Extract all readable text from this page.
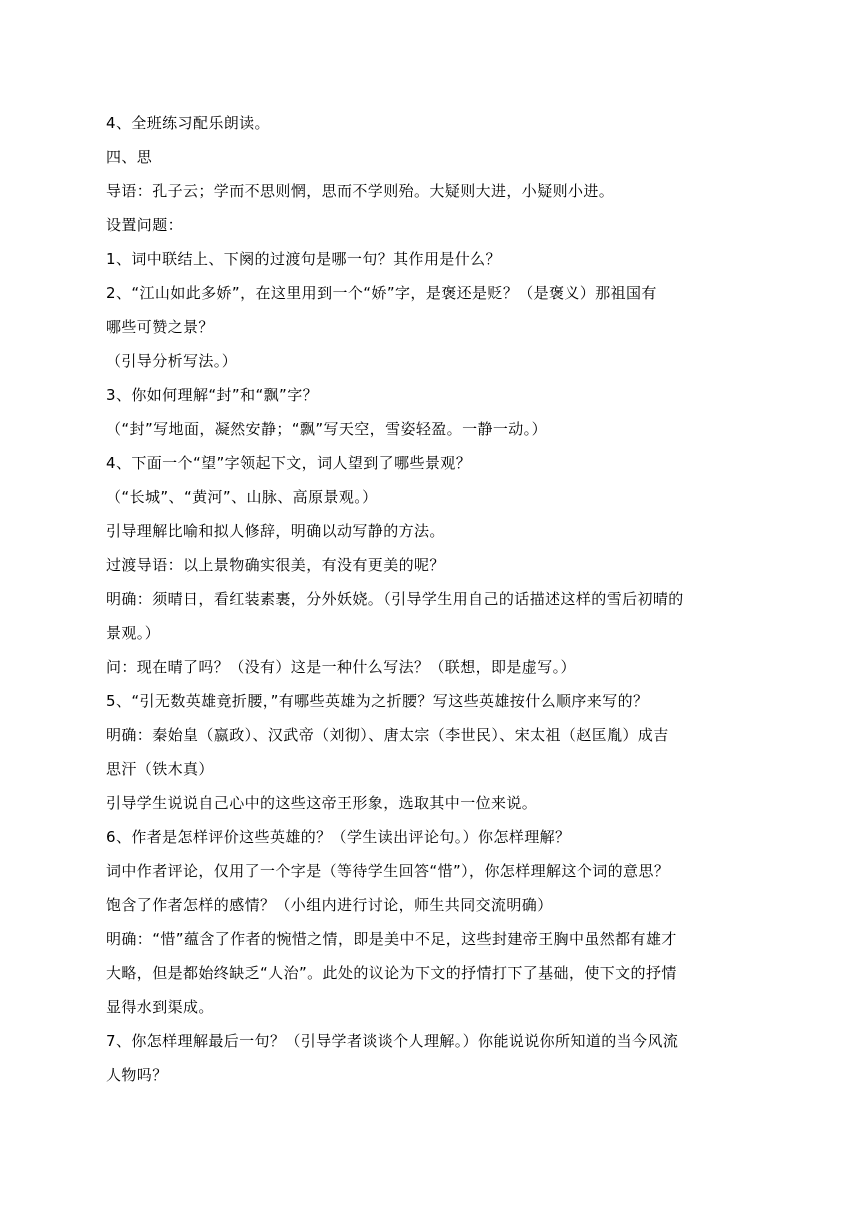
4、全班练习配乐朗读。
四、思
导语：孔子云；学而不思则惘，思而不学则殆。大疑则大进，小疑则小进。
设置问题：
1、词中联结上、下阕的过渡句是哪一句？其作用是什么？
2、“江山如此多娇”，在这里用到一个“娇”字，是褒还是贬？（是褒义）那祖国有
哪些可赞之景？
（引导分析写法。）
3、你如何理解“封”和“飘”字？
（“封”写地面，凝然安静；“飘”写天空，雪姿轻盈。一静一动。）
4、下面一个“望”字领起下文，词人望到了哪些景观？
（“长城”、“黄河”、山脉、高原景观。）
引导理解比喻和拟人修辞，明确以动写静的方法。
过渡导语：以上景物确实很美，有没有更美的呢？
明确：须晴日，看红装素裹，分外妖娆。（引导学生用自己的话描述这样的雪后初晴的
景观。）
问：现在晴了吗？（没有）这是一种什么写法？（联想，即是虚写。）
5、“引无数英雄竟折腰，”有哪些英雄为之折腰？写这些英雄按什么顺序来写的？
明确：秦始皇（嬴政）、汉武帝（刘彻）、唐太宗（李世民）、宋太祖（赵匡胤）成吉
思汗（铁木真）
引导学生说说自己心中的这些这帝王形象，选取其中一位来说。
6、作者是怎样评价这些英雄的？（学生读出评论句。）你怎样理解？
词中作者评论，仅用了一个字是（等待学生回答“惜”），你怎样理解这个词的意思？
饱含了作者怎样的感情？（小组内进行讨论，师生共同交流明确）
明确：“惜”蕴含了作者的惋惜之情，即是美中不足，这些封建帝王胸中虽然都有雄才
大略，但是都始终缺乏“人治”。此处的议论为下文的抒情打下了基础，使下文的抒情
显得水到渠成。
7、你怎样理解最后一句？（引导学者谈谈个人理解。）你能说说你所知道的当今风流
人物吗？
